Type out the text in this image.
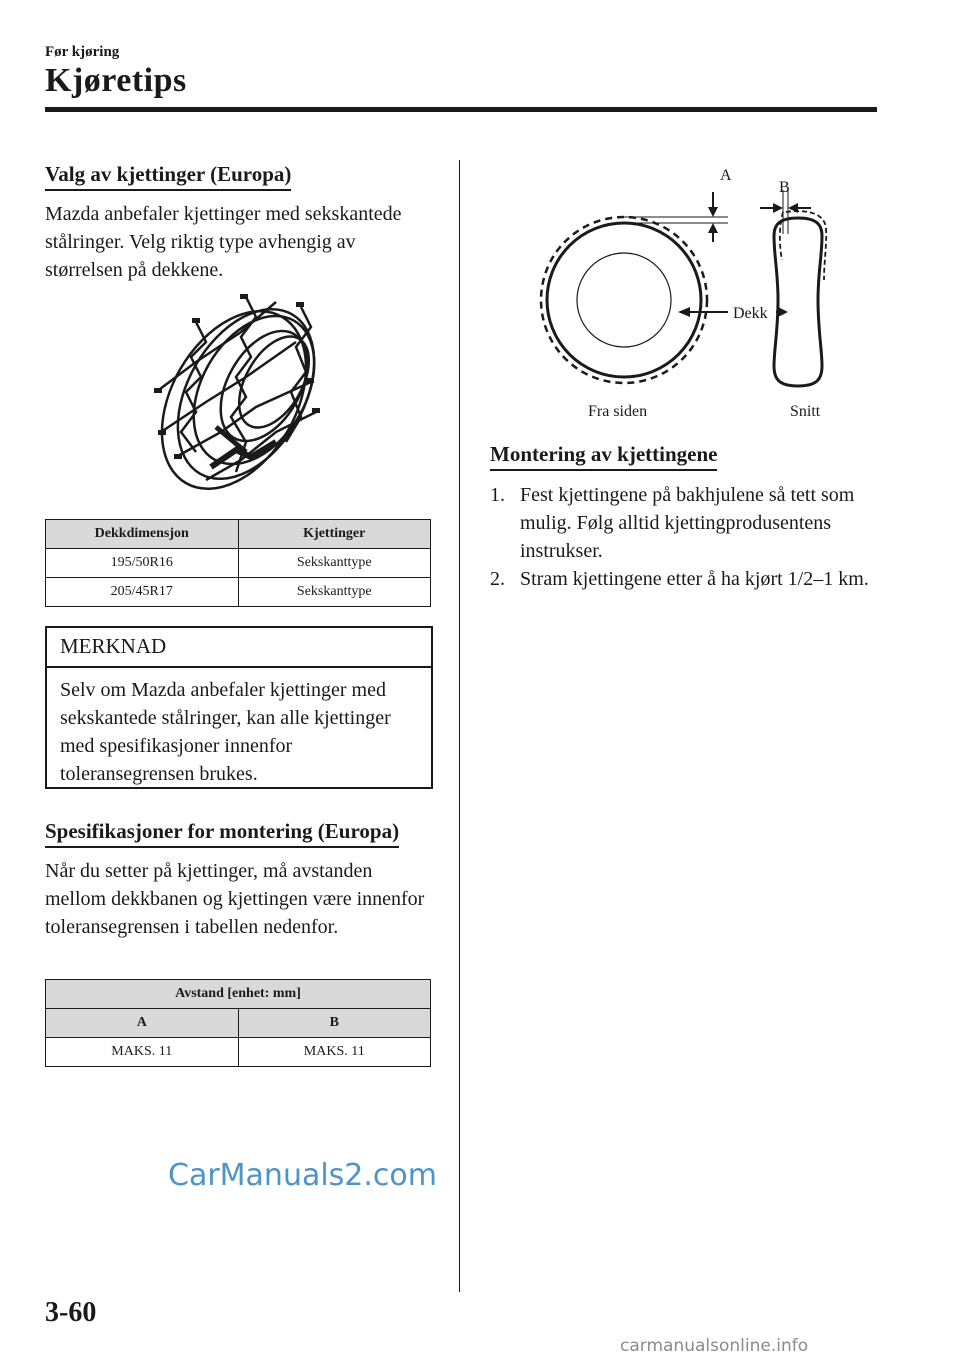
Før kjøring
Kjøretips
Valg av kjettinger (Europa)
Mazda anbefaler kjettinger med sekskantede stålringer. Velg riktig type avhengig av størrelsen på dekkene.
Dekkdimensjon	Kjettinger
195/50R16	Sekskanttype
205/45R17	Sekskanttype
MERKNAD
Selv om Mazda anbefaler kjettinger med sekskantede stålringer, kan alle kjettinger med spesifikasjoner innenfor toleransegrensen brukes.
Spesifikasjoner for montering (Europa)
Når du setter på kjettinger, må avstanden mellom dekkbanen og kjettingen være innenfor toleransegrensen i tabellen nedenfor.
Avstand [enhet: mm]	
A	B
MAKS. 11	MAKS. 11
A
B
Dekk
Fra siden	Snitt
Montering av kjettingene
1. Fest kjettingene på bakhjulene så tett som mulig. Følg alltid kjettingprodusentens instrukser.
2. Stram kjettingene etter å ha kjørt 1/2–1 km.
CarManuals2.com
3-60
carmanualsonline.info
